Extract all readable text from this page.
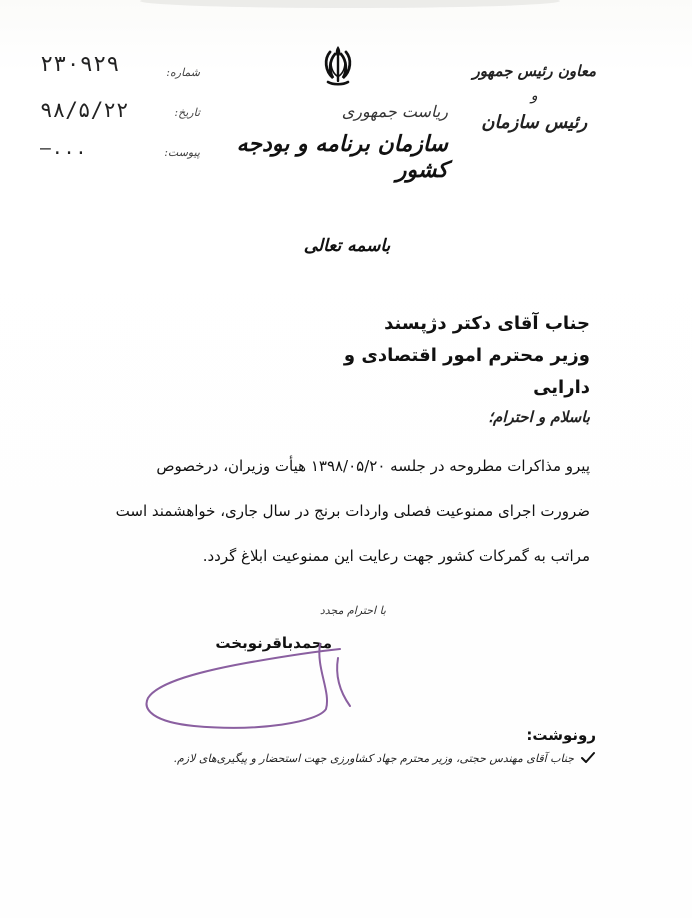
۲۳۰۹۲۹	شماره:
۹۸/۵/۲۲	تاریخ:
—...	پیوست:
ریاست جمهوری
سازمان برنامه و بودجه کشور
معاون رئیس جمهور
و
رئیس سازمان
باسمه تعالی
جناب آقای دکتر دژپسند
وزیر محترم امور اقتصادی و دارایی
باسلام و احترام؛
پیرو مذاکرات مطروحه در جلسه ۱۳۹۸/۰۵/۲۰ هیأت وزیران، درخصوص
ضرورت اجرای ممنوعیت فصلی واردات برنج در سال جاری، خواهشمند است
مراتب به گمرکات کشور جهت رعایت این ممنوعیت ابلاغ گردد.
با احترام مجدد
محمدباقرنوبخت
رونوشت:
جناب آقای مهندس حجتی، وزیر محترم جهاد کشاورزی جهت استحضار و پیگیری‌های لازم.
